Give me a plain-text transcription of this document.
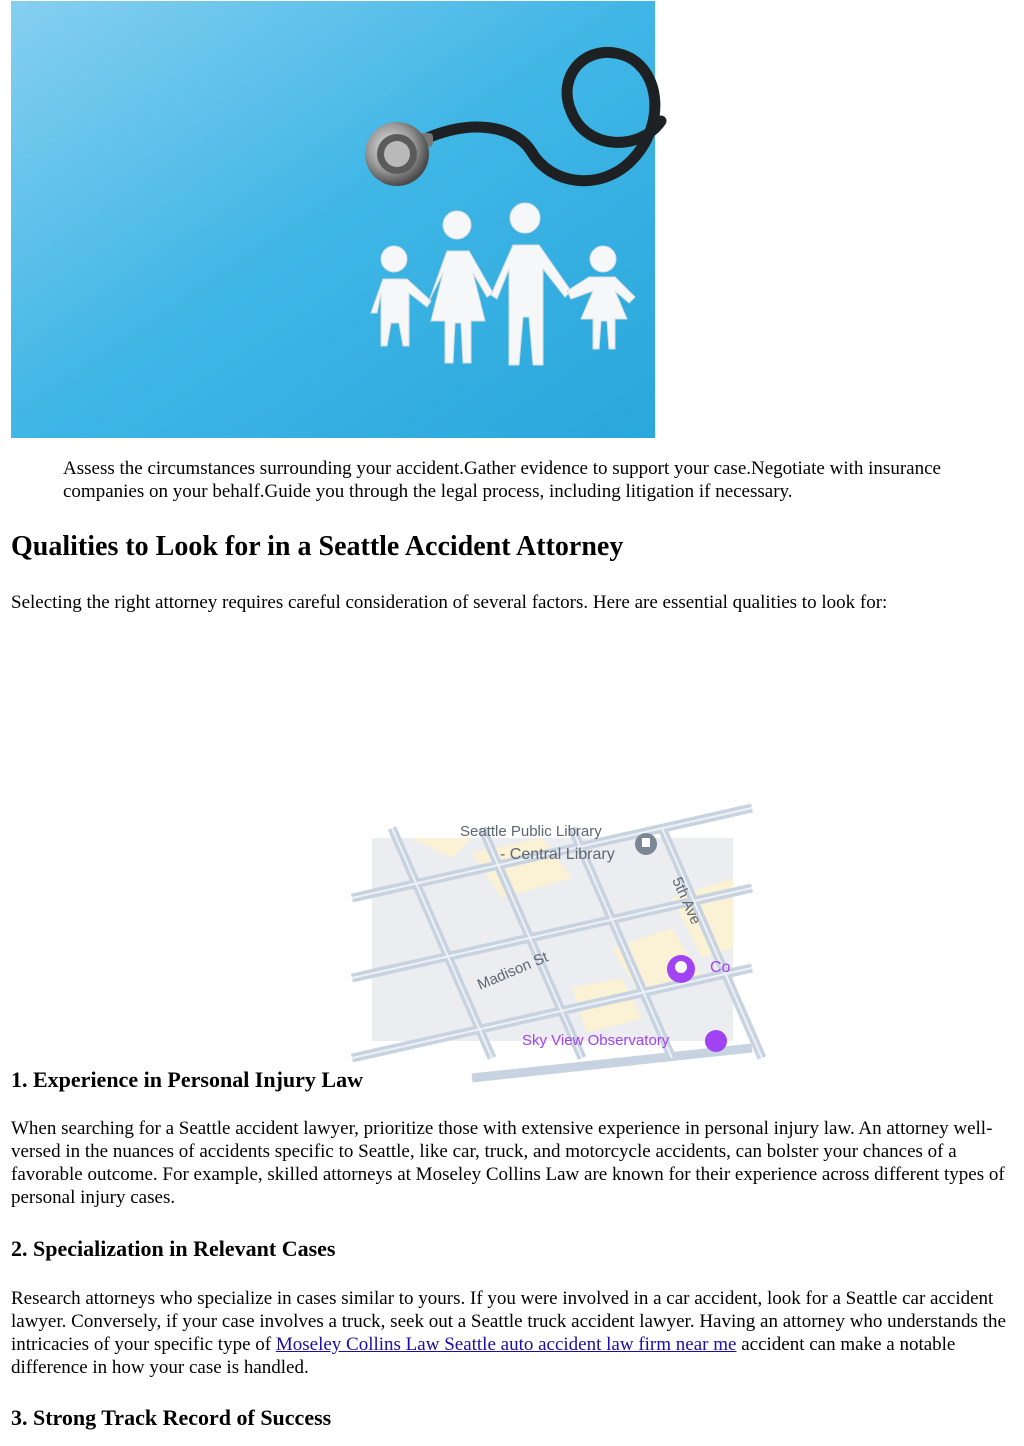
Assess the circumstances surrounding your accident.Gather evidence to support your case.Negotiate with insurance companies on your behalf.Guide you through the legal process, including litigation if necessary.

Qualities to Look for in a Seattle Accident Attorney

Selecting the right attorney requires careful consideration of several factors. Here are essential qualities to look for:

Seattle Public Library
- Central Library
Madison St
5th Ave
Co
Sky View Observatory
1. Experience in Personal Injury Law

When searching for a Seattle accident lawyer, prioritize those with extensive experience in personal injury law. An attorney well-versed in the nuances of accidents specific to Seattle, like car, truck, and motorcycle accidents, can bolster your chances of a favorable outcome. For example, skilled attorneys at Moseley Collins Law are known for their experience across different types of personal injury cases.

2. Specialization in Relevant Cases

Research attorneys who specialize in cases similar to yours. If you were involved in a car accident, look for a Seattle car accident lawyer. Conversely, if your case involves a truck, seek out a Seattle truck accident lawyer. Having an attorney who understands the intricacies of your specific type of Moseley Collins Law Seattle auto accident law firm near me accident can make a notable difference in how your case is handled.

3. Strong Track Record of Success
